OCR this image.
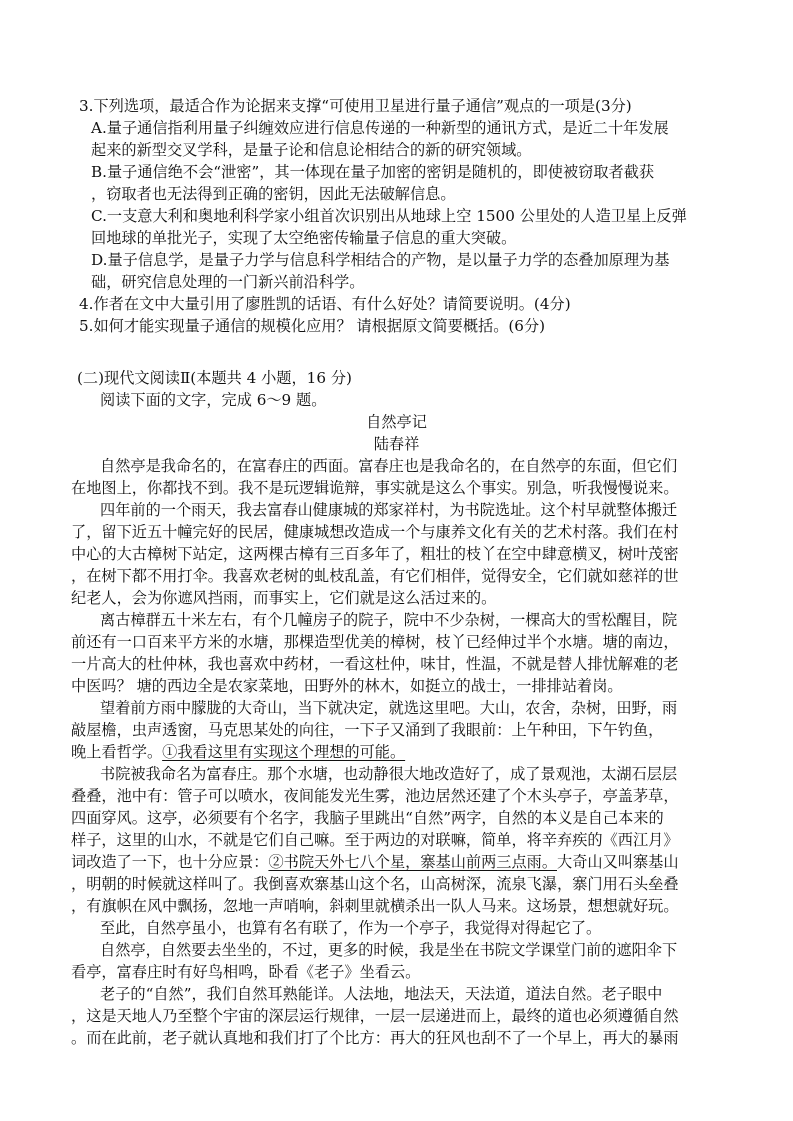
3.下列选项，最适合作为论据来支撑“可使用卫星进行量子通信”观点的一项是(3分)
A.量子通信指利用量子纠缠效应进行信息传递的一种新型的通讯方式，是近二十年发展
起来的新型交叉学科，是量子论和信息论相结合的新的研究领域。
B.量子通信绝不会“泄密”，其一体现在量子加密的密钥是随机的，即使被窃取者截获
，窃取者也无法得到正确的密钥，因此无法破解信息。
C.一支意大利和奥地利科学家小组首次识别出从地球上空 1500 公里处的人造卫星上反弹
回地球的单批光子，实现了太空绝密传输量子信息的重大突破。
D.量子信息学，是量子力学与信息科学相结合的产物，是以量子力学的态叠加原理为基
础，研究信息处理的一门新兴前沿科学。
4.作者在文中大量引用了廖胜凯的话语、有什么好处？请简要说明。(4分)
5.如何才能实现量子通信的规模化应用？ 请根据原文简要概括。(6分)
(二)现代文阅读Ⅱ(本题共 4 小题，16 分)
阅读下面的文字，完成 6～9 题。
自然亭记
陆春祥
自然亭是我命名的，在富春庄的西面。富春庄也是我命名的，在自然亭的东面，但它们
在地图上，你都找不到。我不是玩逻辑诡辩，事实就是这么个事实。别急，听我慢慢说来。
四年前的一个雨天，我去富春山健康城的郑家祥村，为书院选址。这个村早就整体搬迁
了，留下近五十幢完好的民居，健康城想改造成一个与康养文化有关的艺术村落。我们在村
中心的大古樟树下站定，这两棵古樟有三百多年了，粗壮的枝丫在空中肆意横叉，树叶茂密
，在树下都不用打伞。我喜欢老树的虬枝乱盖，有它们相伴，觉得安全，它们就如慈祥的世
纪老人，会为你遮风挡雨，而事实上，它们就是这么活过来的。
离古樟群五十米左右，有个几幢房子的院子，院中不少杂树，一棵高大的雪松醒目，院
前还有一口百来平方米的水塘，那棵造型优美的樟树，枝丫已经伸过半个水塘。塘的南边，
一片高大的杜仲林，我也喜欢中药材，一看这杜仲，味甘，性温，不就是替人排忧解难的老
中医吗？ 塘的西边全是农家菜地，田野外的林木，如挺立的战士，一排排站着岗。
望着前方雨中朦胧的大奇山，当下就决定，就选这里吧。大山，农舍，杂树，田野，雨
敲屋檐，虫声透窗，马克思某处的向往，一下子又涌到了我眼前：上午种田，下午钓鱼，
晚上看哲学。①我看这里有实现这个理想的可能。
书院被我命名为富春庄。那个水塘，也动静很大地改造好了，成了景观池，太湖石层层
叠叠，池中有：管子可以喷水，夜间能发光生雾，池边居然还建了个木头亭子，亭盖茅草，
四面穿风。这亭，必须要有个名字，我脑子里跳出“自然”两字，自然的本义是自己本来的
样子，这里的山水，不就是它们自己嘛。至于两边的对联嘛，简单，将辛弃疾的《西江月》
词改造了一下，也十分应景：②书院天外七八个星，寨基山前两三点雨。大奇山又叫寨基山
，明朝的时候就这样叫了。我倒喜欢寨基山这个名，山高树深，流泉飞瀑，寨门用石头垒叠
，有旗帜在风中飘扬，忽地一声哨响，斜刺里就横杀出一队人马来。这场景，想想就好玩。
至此，自然亭虽小，也算有名有联了，作为一个亭子，我觉得对得起它了。
自然亭，自然要去坐坐的，不过，更多的时候，我是坐在书院文学课堂门前的遮阳伞下
看亭，富春庄时有好鸟相鸣，卧看《老子》坐看云。
老子的“自然”，我们自然耳熟能详。人法地，地法天，天法道，道法自然。老子眼中
，这是天地人乃至整个宇宙的深层运行规律，一层一层递进而上，最终的道也必须遵循自然
。而在此前，老子就认真地和我们打了个比方：再大的狂风也刮不了一个早上，再大的暴雨
